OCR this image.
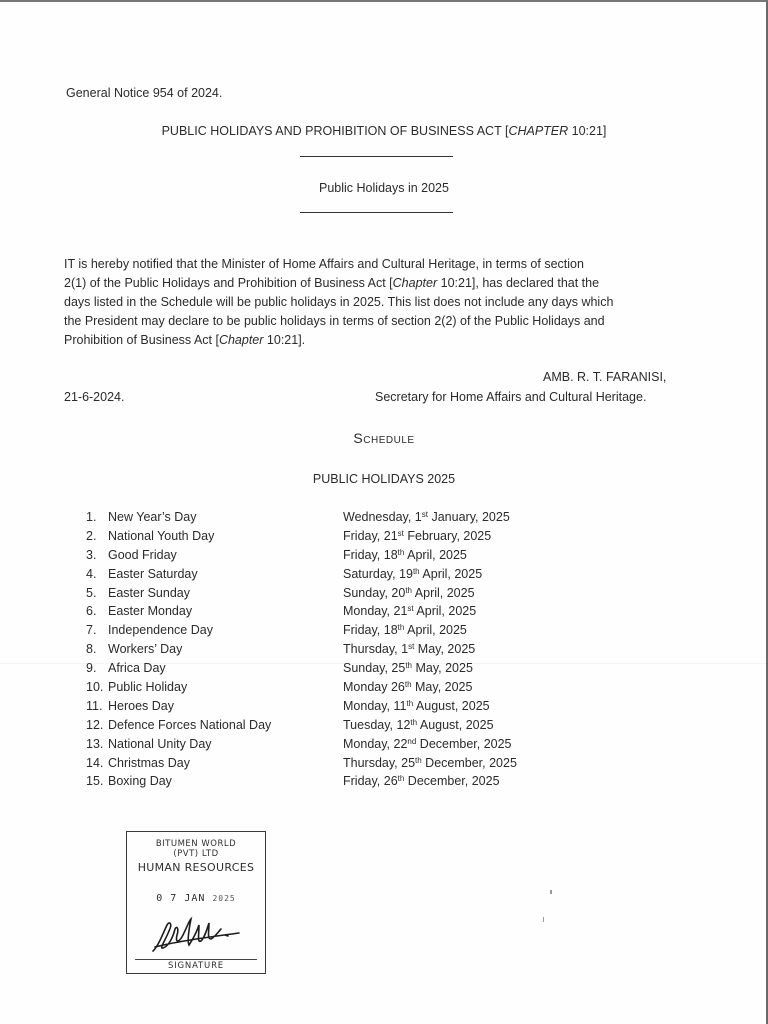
General Notice 954 of 2024.
PUBLIC HOLIDAYS AND PROHIBITION OF BUSINESS ACT [CHAPTER 10:21]
Public Holidays in 2025
IT is hereby notified that the Minister of Home Affairs and Cultural Heritage, in terms of section
2(1) of the Public Holidays and Prohibition of Business Act [Chapter 10:21], has declared that the
days listed in the Schedule will be public holidays in 2025. This list does not include any days which
the President may declare to be public holidays in terms of section 2(2) of the Public Holidays and
Prohibition of Business Act [Chapter 10:21].
AMB. R. T. FARANISI,
21-6-2024.	Secretary for Home Affairs and Cultural Heritage.
Schedule
PUBLIC HOLIDAYS 2025
1. New Year’s Day	Wednesday, 1st January, 2025
2. National Youth Day	Friday, 21st February, 2025
3. Good Friday	Friday, 18th April, 2025
4. Easter Saturday	Saturday, 19th April, 2025
5. Easter Sunday	Sunday, 20th April, 2025
6. Easter Monday	Monday, 21st April, 2025
7. Independence Day	Friday, 18th April, 2025
8. Workers’ Day	Thursday, 1st May, 2025
9. Africa Day	Sunday, 25th May, 2025
10. Public Holiday	Monday 26th May, 2025
11. Heroes Day	Monday, 11th August, 2025
12. Defence Forces National Day	Tuesday, 12th August, 2025
13. National Unity Day	Monday, 22nd December, 2025
14. Christmas Day	Thursday, 25th December, 2025
15. Boxing Day	Friday, 26th December, 2025
BITUMEN WORLD
(PVT) LTD
HUMAN RESOURCES
0 7 JAN 2025
SIGNATURE
